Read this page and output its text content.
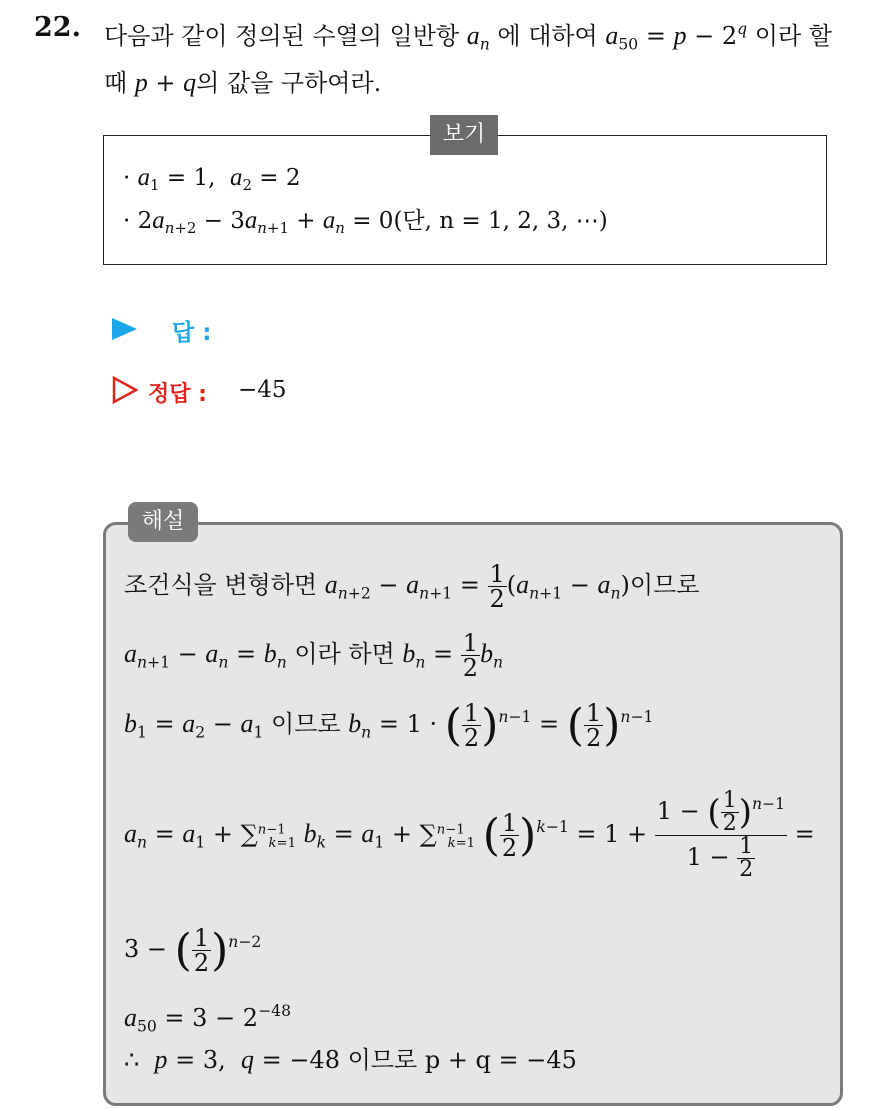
22. 다음과 같이 정의된 수열의 일반항 $a_n$ 에 대하여 $a_{50} = p - 2^q$ 이라 할
때 p + q의 값을 구하여라.
보기
· $a_1 = 1$,  $a_2 = 2$
· $2a_{n+2} - 3a_{n+1} + a_n = 0$(단, n = 1, 2, 3, ⋯)
답 :
정답 : −45
해설
조건식을 변형하면 $a_{n+2} - a_{n+1} = \frac{1}{2} (a_{n+1} - a_n)$이므로
$a_{n+1} - a_n = b_n$ 이라 하면 $b_n = \frac{1}{2} b_n$
$b_1 = a_2 - a_1$ 이므로 $b_n = 1$ · ( $\frac{1}{2} )^{n-1}$ = ( $\frac{1}{2} )^{n-1}$
$a_n = a_1 + \sum^{n-1}_{k=1}$ $b_k = a_1 + \sum^{n-1}_{k=1}$ ( $\frac{1}{2} )^{k-1} = 1 + \frac{1 - ( \frac{1}{2} )^{n-1}}{1 - \frac{1}{2}}$ =
3 − ( $\frac{1}{2} )^{n-2}$
$a_{50} = 3 - 2^{-48}$
∴  p = 3,  q = −48 이므로 p + q = −45
